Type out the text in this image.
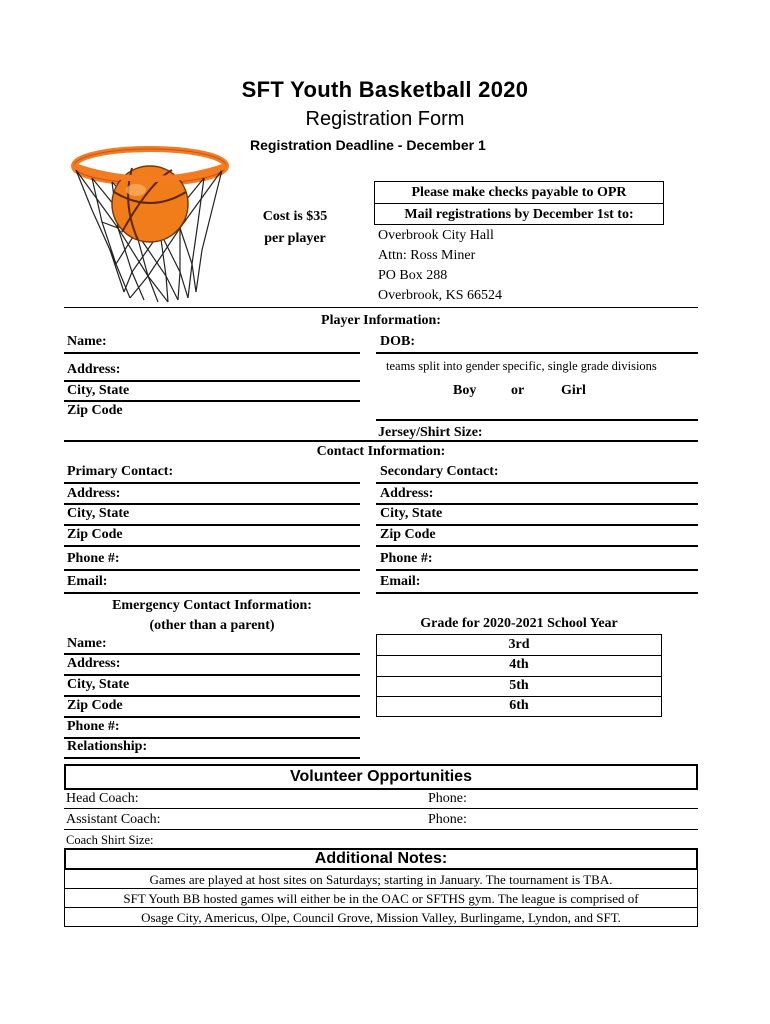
SFT Youth Basketball 2020
Registration Form
Registration Deadline - December 1
Cost is $35
per player
Please make checks payable to OPR
Mail registrations by December 1st to:
Overbrook City Hall
Attn: Ross Miner
PO Box 288
Overbrook, KS 66524
Player Information:
Name:	DOB:
teams split into gender specific, single grade divisions
Address:
City, State
Zip Code
Boy or	Girl
Jersey/Shirt Size:
Contact Information:
Primary Contact:	Secondary Contact:
Address:	Address:
City, State	City, State
Zip Code	Zip Code
Phone #:	Phone #:
Email:	Email:
Emergency Contact Information:
(other than a parent)
Name:
Address:
City, State
Zip Code
Phone #:
Relationship:
Grade for 2020-2021 School Year
3rd
4th
5th
6th
Volunteer Opportunities
Head Coach:	Phone:
Assistant Coach:	Phone:
Coach Shirt Size:
Additional Notes:
Games are played at host sites on Saturdays; starting in January. The tournament is TBA.
SFT Youth BB hosted games will either be in the OAC or SFTHS gym. The league is comprised of
Osage City, Americus, Olpe, Council Grove, Mission Valley, Burlingame, Lyndon, and SFT.
